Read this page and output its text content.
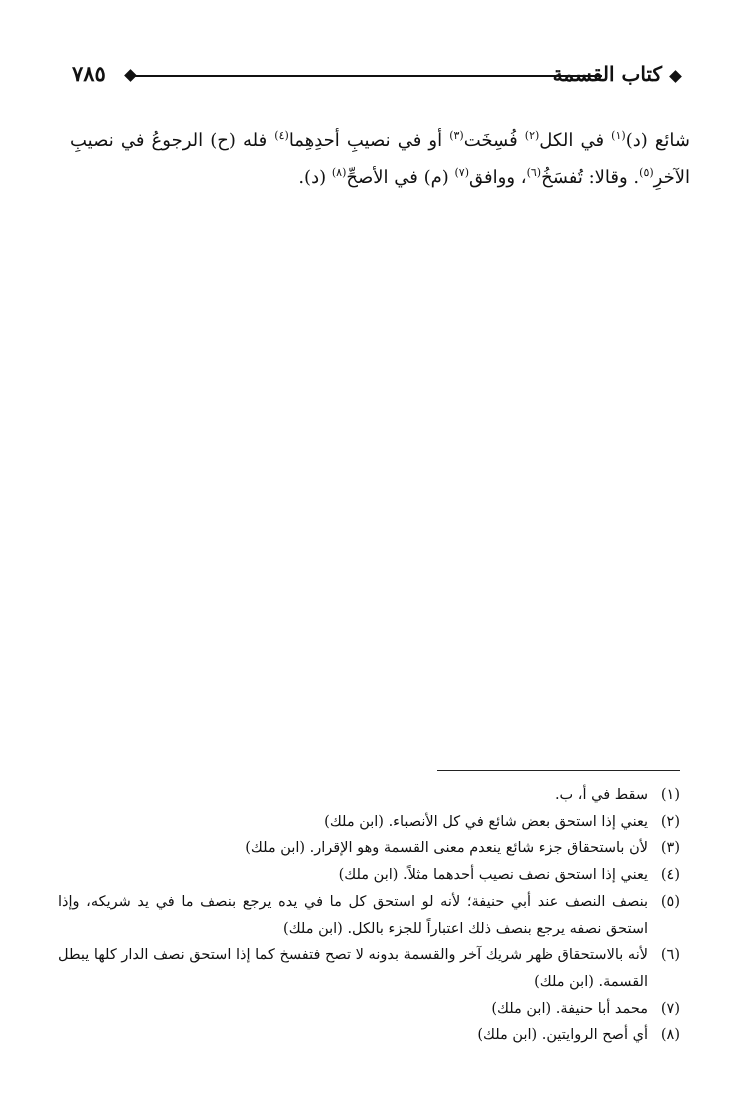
٧٨٥	كتاب القسمة

شائع (د)$^{(١)}$ في الكل$^{(٢)}$ فُسِخَت$^{(٣)}$ أو في نصيبِ أحدِهِما$^{(٤)}$ فله (ح) الرجوعُ في نصيبِ الآخرِ$^{(٥)}$. وقالا: تُفسَخُ$^{(٦)}$، ووافق$^{(٧)}$ (م) في الأصحِّ$^{(٨)}$ (د).

(١)
سقط في أ، ب.

(٢)
يعني إذا استحق بعض شائع في كل الأنصباء. (ابن ملك)

(٣)
لأن باستحقاق جزء شائع ينعدم معنى القسمة وهو الإقرار. (ابن ملك)

(٤)
يعني إذا استحق نصف نصيب أحدهما مثلاً. (ابن ملك)

(٥)
بنصف النصف عند أبي حنيفة؛ لأنه لو استحق كل ما في يده يرجع بنصف ما في يد شريكه، وإذا استحق نصفه يرجع بنصف ذلك اعتباراً للجزء بالكل. (ابن ملك)

(٦)
لأنه بالاستحقاق ظهر شريك آخر والقسمة بدونه لا تصح فتفسخ كما إذا استحق نصف الدار كلها يبطل القسمة. (ابن ملك)

(٧)
محمد أبا حنيفة. (ابن ملك)

(٨)
أي أصح الروايتين. (ابن ملك)
